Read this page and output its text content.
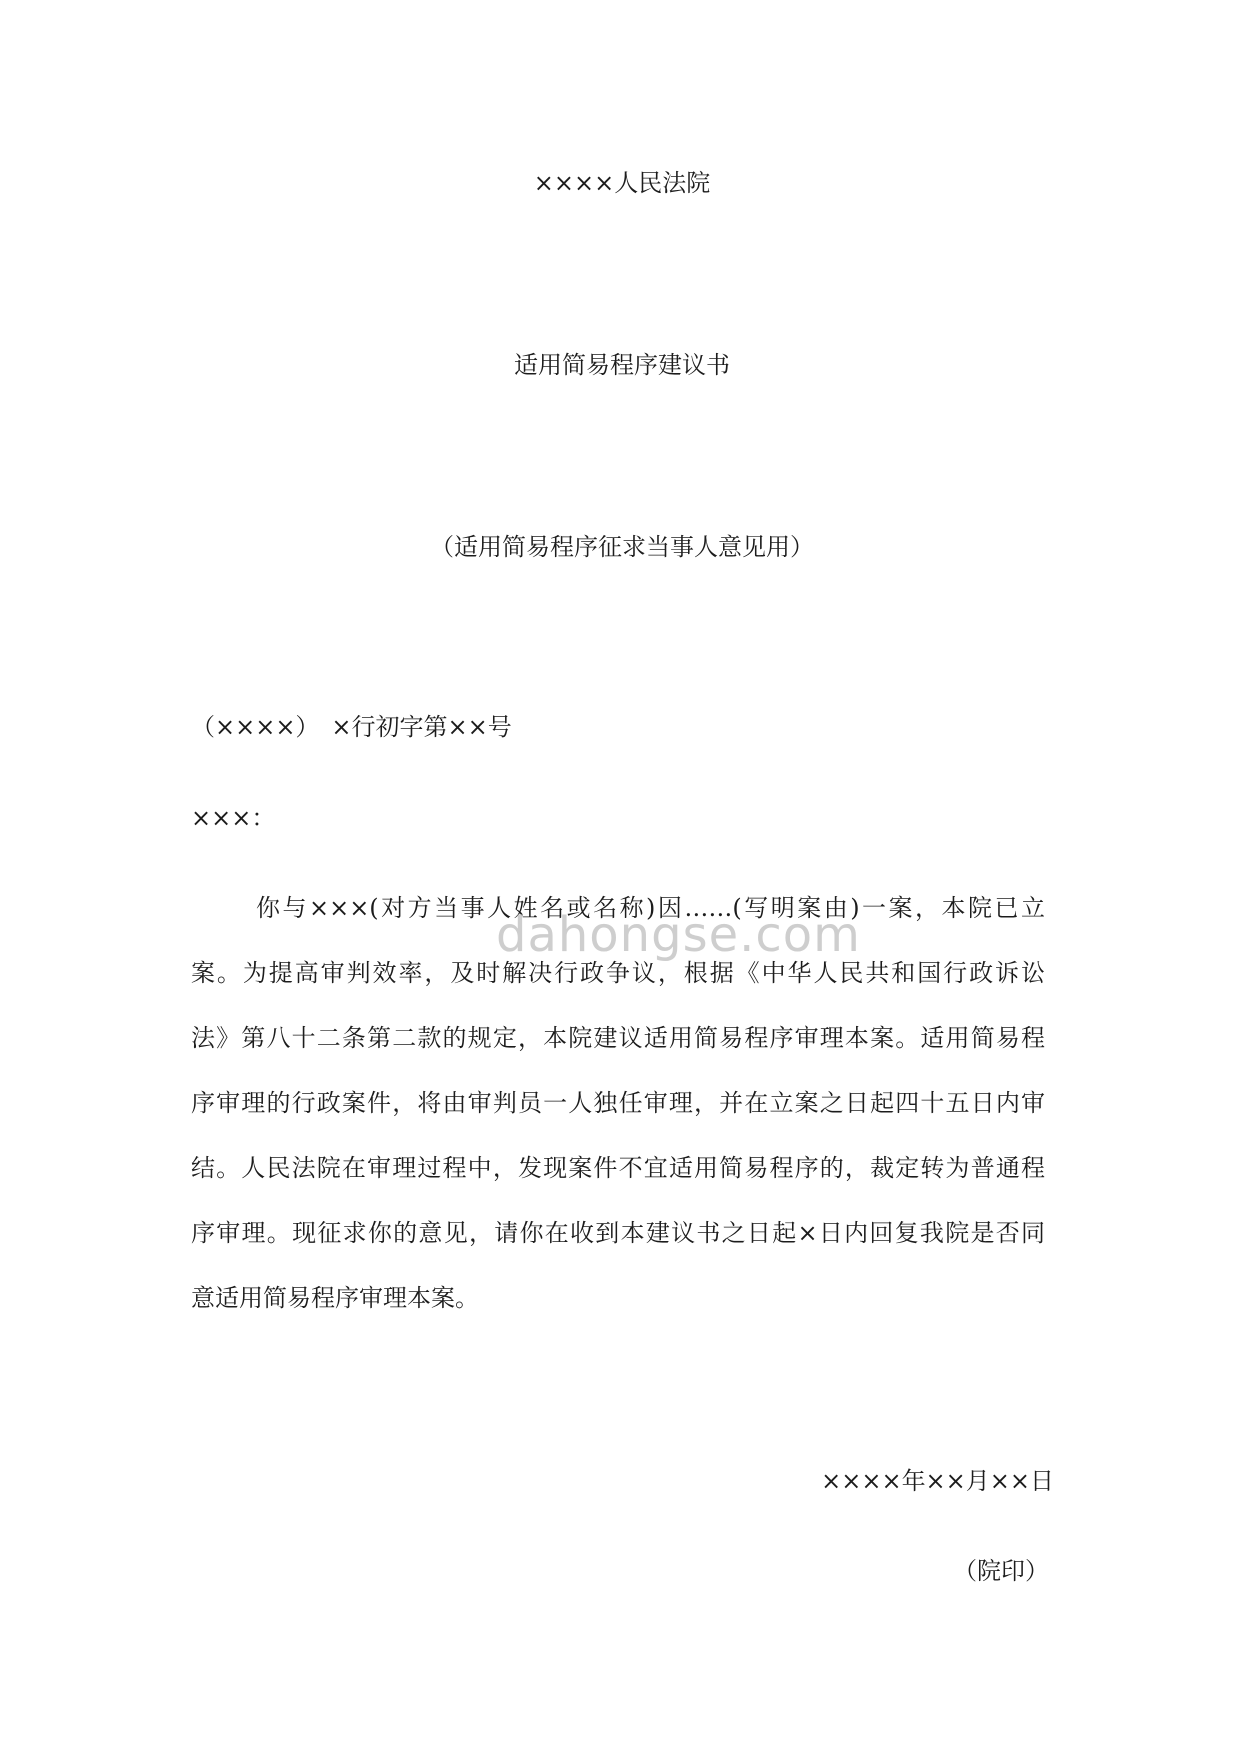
××××人民法院
适用简易程序建议书
（适用简易程序征求当事人意见用）
（××××）　×行初字第××号
×××：
你与×××(对方当事人姓名或名称)因……(写明案由)一案，本院已立
案。为提高审判效率，及时解决行政争议，根据《中华人民共和国行政诉讼
法》第八十二条第二款的规定，本院建议适用简易程序审理本案。适用简易程
序审理的行政案件，将由审判员一人独任审理，并在立案之日起四十五日内审
结。人民法院在审理过程中，发现案件不宜适用简易程序的，裁定转为普通程
序审理。现征求你的意见，请你在收到本建议书之日起×日内回复我院是否同
意适用简易程序审理本案。
dahongse.com
××××年××月××日
（院印）
